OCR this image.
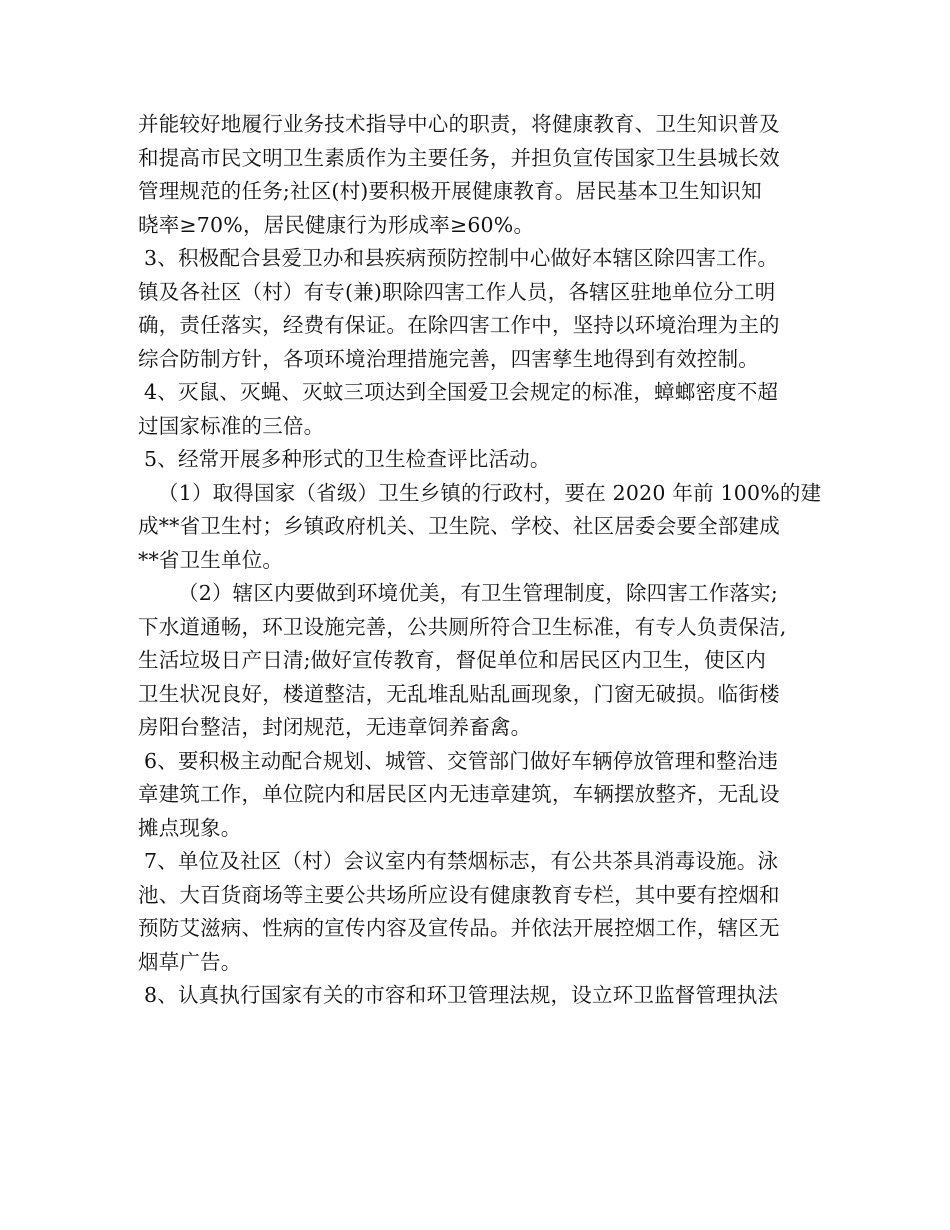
并能较好地履行业务技术指导中心的职责，将健康教育、卫生知识普及
和提高市民文明卫生素质作为主要任务，并担负宣传国家卫生县城长效
管理规范的任务;社区(村)要积极开展健康教育。居民基本卫生知识知
晓率≥70%，居民健康行为形成率≥60%。
3、积极配合县爱卫办和县疾病预防控制中心做好本辖区除四害工作。
镇及各社区（村）有专(兼)职除四害工作人员，各辖区驻地单位分工明
确，责任落实，经费有保证。在除四害工作中，坚持以环境治理为主的
综合防制方针，各项环境治理措施完善，四害孳生地得到有效控制。
4、灭鼠、灭蝇、灭蚊三项达到全国爱卫会规定的标准，蟑螂密度不超
过国家标准的三倍。
5、经常开展多种形式的卫生检查评比活动。
（1）取得国家（省级）卫生乡镇的行政村，要在 2020 年前 100%的建
成**省卫生村；乡镇政府机关、卫生院、学校、社区居委会要全部建成
**省卫生单位。
（2）辖区内要做到环境优美，有卫生管理制度，除四害工作落实;
下水道通畅，环卫设施完善，公共厕所符合卫生标准，有专人负责保洁,
生活垃圾日产日清;做好宣传教育，督促单位和居民区内卫生，使区内
卫生状况良好，楼道整洁，无乱堆乱贴乱画现象，门窗无破损。临街楼
房阳台整洁，封闭规范，无违章饲养畜禽。
6、要积极主动配合规划、城管、交管部门做好车辆停放管理和整治违
章建筑工作，单位院内和居民区内无违章建筑，车辆摆放整齐，无乱设
摊点现象。
7、单位及社区（村）会议室内有禁烟标志，有公共茶具消毒设施。泳
池、大百货商场等主要公共场所应设有健康教育专栏，其中要有控烟和
预防艾滋病、性病的宣传内容及宣传品。并依法开展控烟工作，辖区无
烟草广告。
8、认真执行国家有关的市容和环卫管理法规，设立环卫监督管理执法
